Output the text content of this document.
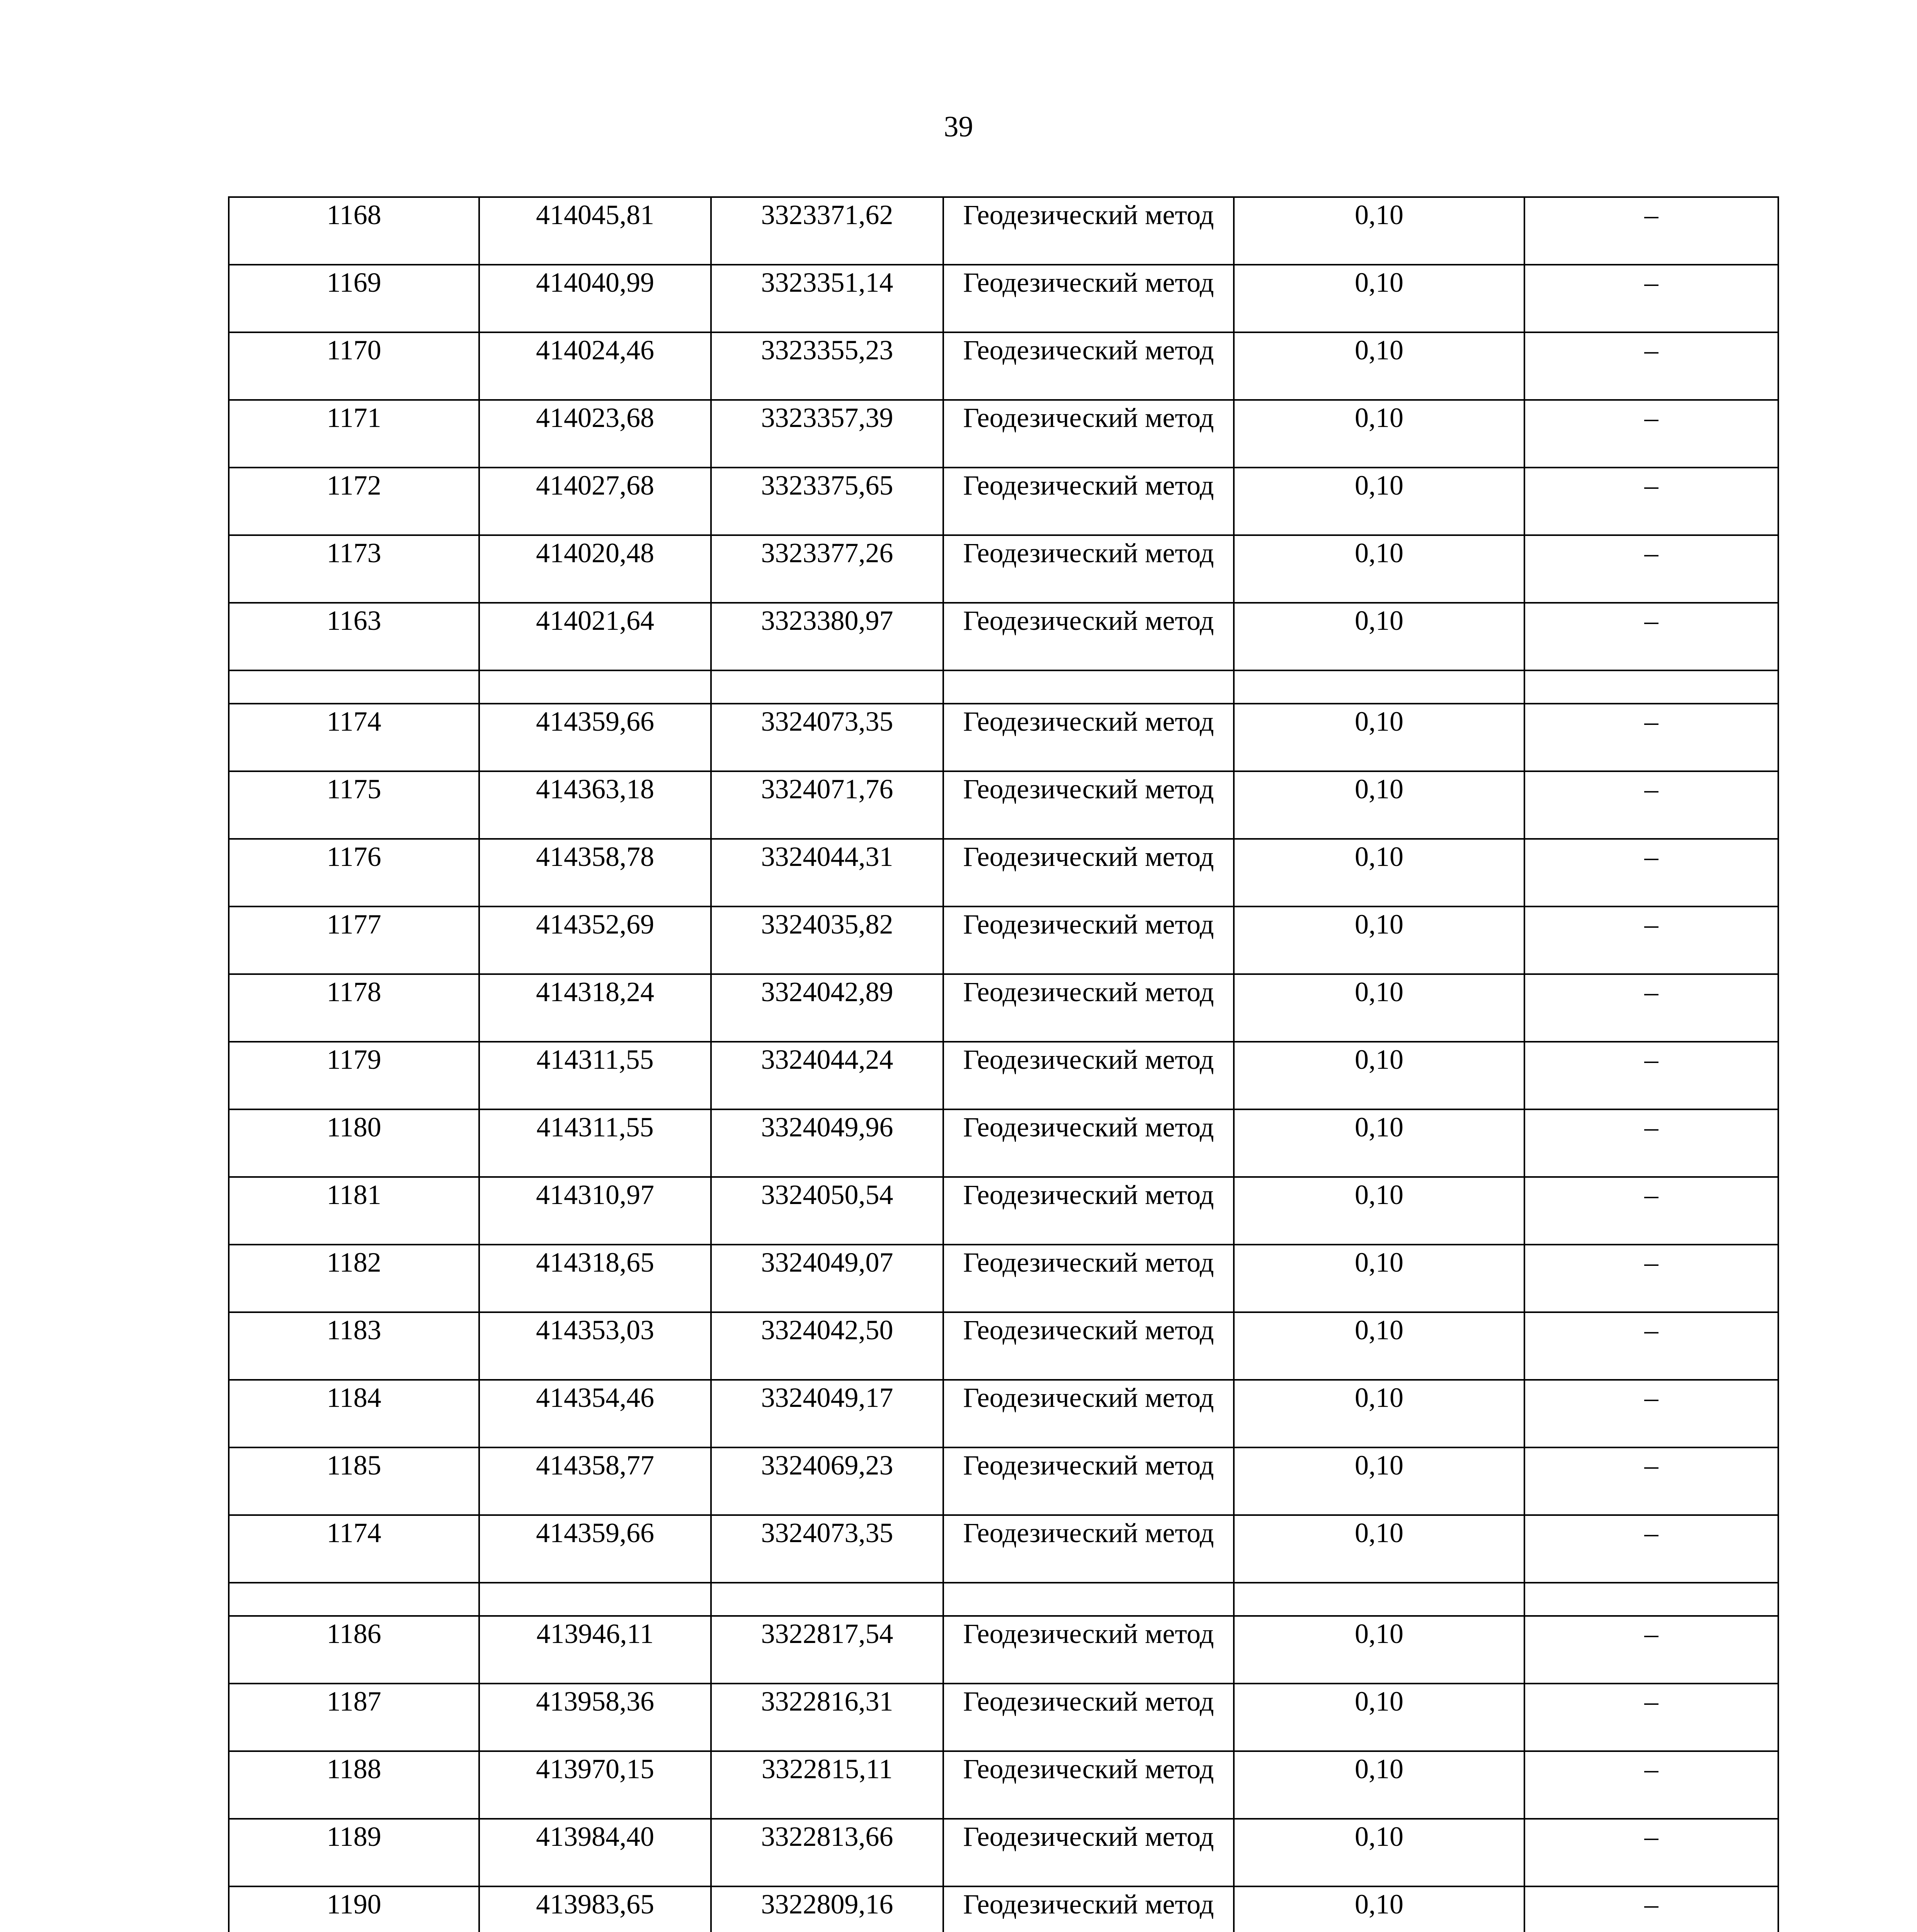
39
1168	414045,81	3323371,62	Геодезический метод	0,10	–
1169	414040,99	3323351,14	Геодезический метод	0,10	–
1170	414024,46	3323355,23	Геодезический метод	0,10	–
1171	414023,68	3323357,39	Геодезический метод	0,10	–
1172	414027,68	3323375,65	Геодезический метод	0,10	–
1173	414020,48	3323377,26	Геодезический метод	0,10	–
1163	414021,64	3323380,97	Геодезический метод	0,10	–

1174	414359,66	3324073,35	Геодезический метод	0,10	–
1175	414363,18	3324071,76	Геодезический метод	0,10	–
1176	414358,78	3324044,31	Геодезический метод	0,10	–
1177	414352,69	3324035,82	Геодезический метод	0,10	–
1178	414318,24	3324042,89	Геодезический метод	0,10	–
1179	414311,55	3324044,24	Геодезический метод	0,10	–
1180	414311,55	3324049,96	Геодезический метод	0,10	–
1181	414310,97	3324050,54	Геодезический метод	0,10	–
1182	414318,65	3324049,07	Геодезический метод	0,10	–
1183	414353,03	3324042,50	Геодезический метод	0,10	–
1184	414354,46	3324049,17	Геодезический метод	0,10	–
1185	414358,77	3324069,23	Геодезический метод	0,10	–
1174	414359,66	3324073,35	Геодезический метод	0,10	–

1186	413946,11	3322817,54	Геодезический метод	0,10	–
1187	413958,36	3322816,31	Геодезический метод	0,10	–
1188	413970,15	3322815,11	Геодезический метод	0,10	–
1189	413984,40	3322813,66	Геодезический метод	0,10	–
1190	413983,65	3322809,16	Геодезический метод	0,10	–
